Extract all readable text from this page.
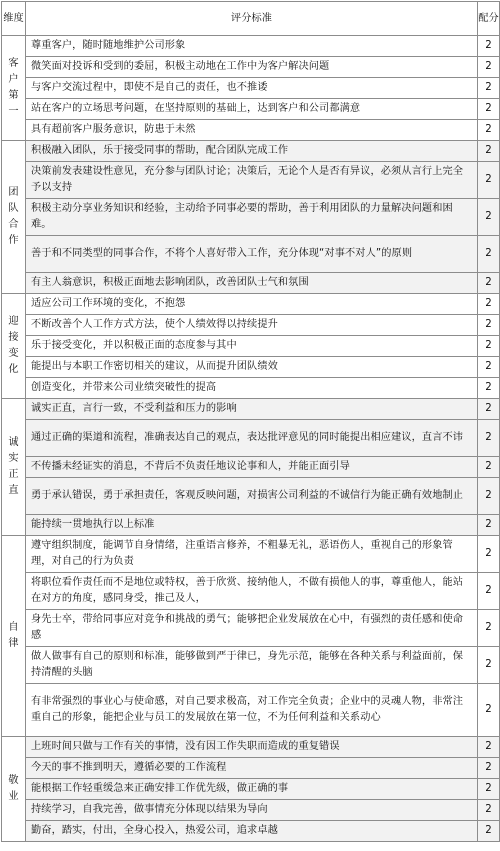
维度	评分标准	配分
客户第一	尊重客户，随时随地维护公司形象	2
	微笑面对投诉和受到的委屈，积极主动地在工作中为客户解决问题	2
	与客户交流过程中，即使不是自己的责任，也不推诿	2
	站在客户的立场思考问题，在坚持原则的基础上，达到客户和公司都满意	2
	具有超前客户服务意识，防患于未然	2
团队合作	积极融入团队，乐于接受同事的帮助，配合团队完成工作	2
	决策前发表建设性意见，充分参与团队讨论；决策后，无论个人是否有异议，必须从言行上完全予以支持	2
	积极主动分享业务知识和经验，主动给予同事必要的帮助，善于利用团队的力量解决问题和困难。	2
	善于和不同类型的同事合作，不将个人喜好带入工作，充分体现“对事不对人”的原则	2
	有主人翁意识，积极正面地去影响团队，改善团队士气和氛围	2
迎接变化	适应公司工作环境的变化，不抱怨	2
	不断改善个人工作方式方法，使个人绩效得以持续提升	2
	乐于接受变化，并以积极正面的态度参与其中	2
	能提出与本职工作密切相关的建议，从而提升团队绩效	2
	创造变化，并带来公司业绩突破性的提高	2
诚实正直	诚实正直，言行一致，不受利益和压力的影响	2
	通过正确的渠道和流程，准确表达自己的观点，表达批评意见的同时能提出相应建议，直言不讳	2
	不传播未经证实的消息，不背后不负责任地议论事和人，并能正面引导	2
	勇于承认错误，勇于承担责任，客观反映问题，对损害公司利益的不诚信行为能正确有效地制止	2
	能持续一贯地执行以上标准	2
自律	遵守组织制度，能调节自身情绪，注重语言修养，不粗暴无礼，恶语伤人，重视自己的形象管理，对自己的行为负责	2
	将职位看作责任而不是地位或特权，善于欣赏、接纳他人，不做有损他人的事，尊重他人，能站在对方的角度，感同身受，推己及人，	2
	身先士卒，带给同事应对竞争和挑战的勇气；能够把企业发展放在心中，有强烈的责任感和使命感	2
	做人做事有自己的原则和标准，能够做到严于律已，身先示范，能够在各种关系与利益面前，保持清醒的头脑	2
	有非常强烈的事业心与使命感，对自己要求极高，对工作完全负责；企业中的灵魂人物，非常注重自己的形象，能把企业与员工的发展放在第一位，不为任何利益和关系动心	2
敬业	上班时间只做与工作有关的事情，没有因工作失职而造成的重复错误	2
	今天的事不推到明天，遵循必要的工作流程	2
	能根据工作轻重缓急来正确安排工作优先级，做正确的事	2
	持续学习，自我完善，做事情充分体现以结果为导向	2
	勤奋，踏实，付出，全身心投入，热爱公司，追求卓越	2
